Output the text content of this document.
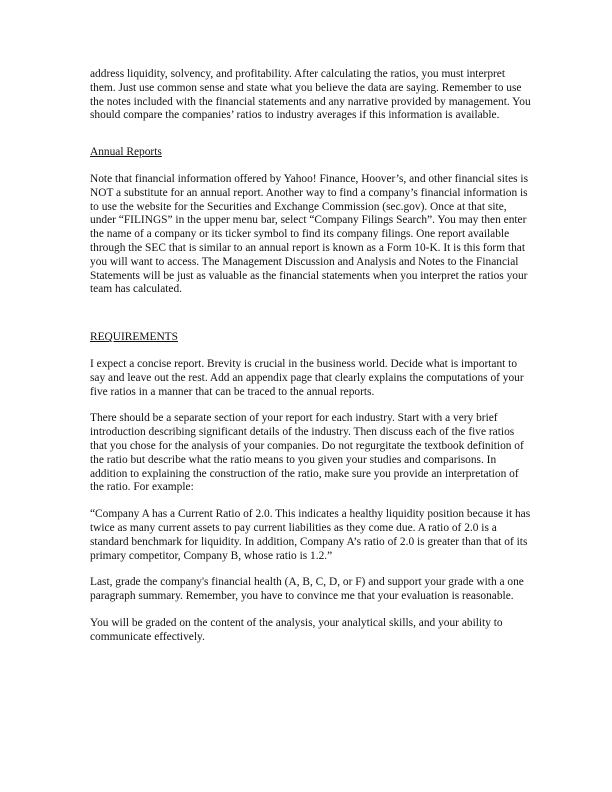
address liquidity, solvency, and profitability. After calculating the ratios, you must interpret them. Just use common sense and state what you believe the data are saying. Remember to use the notes included with the financial statements and any narrative provided by management. You should compare the companies’ ratios to industry averages if this information is available.

Annual Reports

Note that financial information offered by Yahoo! Finance, Hoover’s, and other financial sites is NOT a substitute for an annual report. Another way to find a company’s financial information is to use the website for the Securities and Exchange Commission (sec.gov). Once at that site, under “FILINGS” in the upper menu bar, select “Company Filings Search”. You may then enter the name of a company or its ticker symbol to find its company filings. One report available through the SEC that is similar to an annual report is known as a Form 10-K. It is this form that you will want to access. The Management Discussion and Analysis and Notes to the Financial Statements will be just as valuable as the financial statements when you interpret the ratios your team has calculated.

REQUIREMENTS

I expect a concise report. Brevity is crucial in the business world. Decide what is important to say and leave out the rest. Add an appendix page that clearly explains the computations of your five ratios in a manner that can be traced to the annual reports.

There should be a separate section of your report for each industry. Start with a very brief introduction describing significant details of the industry. Then discuss each of the five ratios that you chose for the analysis of your companies. Do not regurgitate the textbook definition of the ratio but describe what the ratio means to you given your studies and comparisons. In addition to explaining the construction of the ratio, make sure you provide an interpretation of the ratio. For example:

“Company A has a Current Ratio of 2.0. This indicates a healthy liquidity position because it has twice as many current assets to pay current liabilities as they come due. A ratio of 2.0 is a standard benchmark for liquidity. In addition, Company A’s ratio of 2.0 is greater than that of its primary competitor, Company B, whose ratio is 1.2.”

Last, grade the company's financial health (A, B, C, D, or F) and support your grade with a one paragraph summary. Remember, you have to convince me that your evaluation is reasonable.

You will be graded on the content of the analysis, your analytical skills, and your ability to communicate effectively.
